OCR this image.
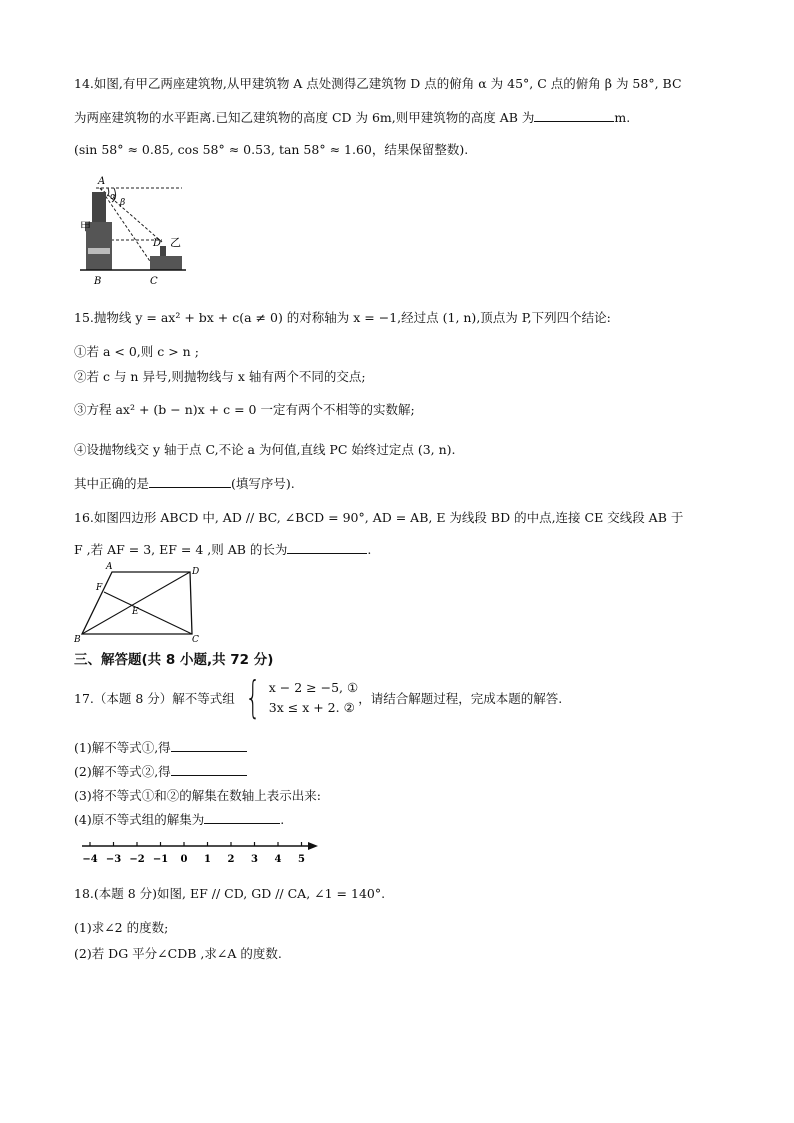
14.如图,有甲乙两座建筑物,从甲建筑物 A 点处测得乙建筑物 D 点的俯角 α 为 45°, C 点的俯角 β 为 58°, BC
为两座建筑物的水平距离.已知乙建筑物的高度 CD 为 6m,则甲建筑物的高度 AB 为	m.
(sin 58° ≈ 0.85, cos 58° ≈ 0.53, tan 58° ≈ 1.60，结果保留整数).
A
α
β
甲
D 乙
B	C
15.抛物线 y = ax² + bx + c(a ≠ 0) 的对称轴为 x = −1,经过点 (1, n),顶点为 P,下列四个结论:
①若 a < 0,则 c > n ;
②若 c 与 n 异号,则抛物线与 x 轴有两个不同的交点;
③方程 ax² + (b − n)x + c = 0 一定有两个不相等的实数解;
④设抛物线交 y 轴于点 C,不论 a 为何值,直线 PC 始终过定点 (3, n).
其中正确的是	(填写序号).
16.如图四边形 ABCD 中, AD // BC, ∠BCD = 90°, AD = AB, E 为线段 BD 的中点,连接 CE 交线段 AB 于
F ,若 AF = 3, EF = 4 ,则 AB 的长为	.
A	D
F
E
B	C
三、解答题(共 8 小题,共 72 分)
17.（本题 8 分）解不等式组 { x − 2 ≥ −5, ①
3x ≤ x + 2. ②
，请结合解题过程，完成本题的解答.
(1)解不等式①,得
(2)解不等式②,得
(3)将不等式①和②的解集在数轴上表示出来:
(4)原不等式组的解集为	.
−4 −3 −2 −1 0 1 2 3 4 5
18.(本题 8 分)如图, EF // CD, GD // CA, ∠1 = 140°.
(1)求∠2 的度数;
(2)若 DG 平分∠CDB ,求∠A 的度数.
